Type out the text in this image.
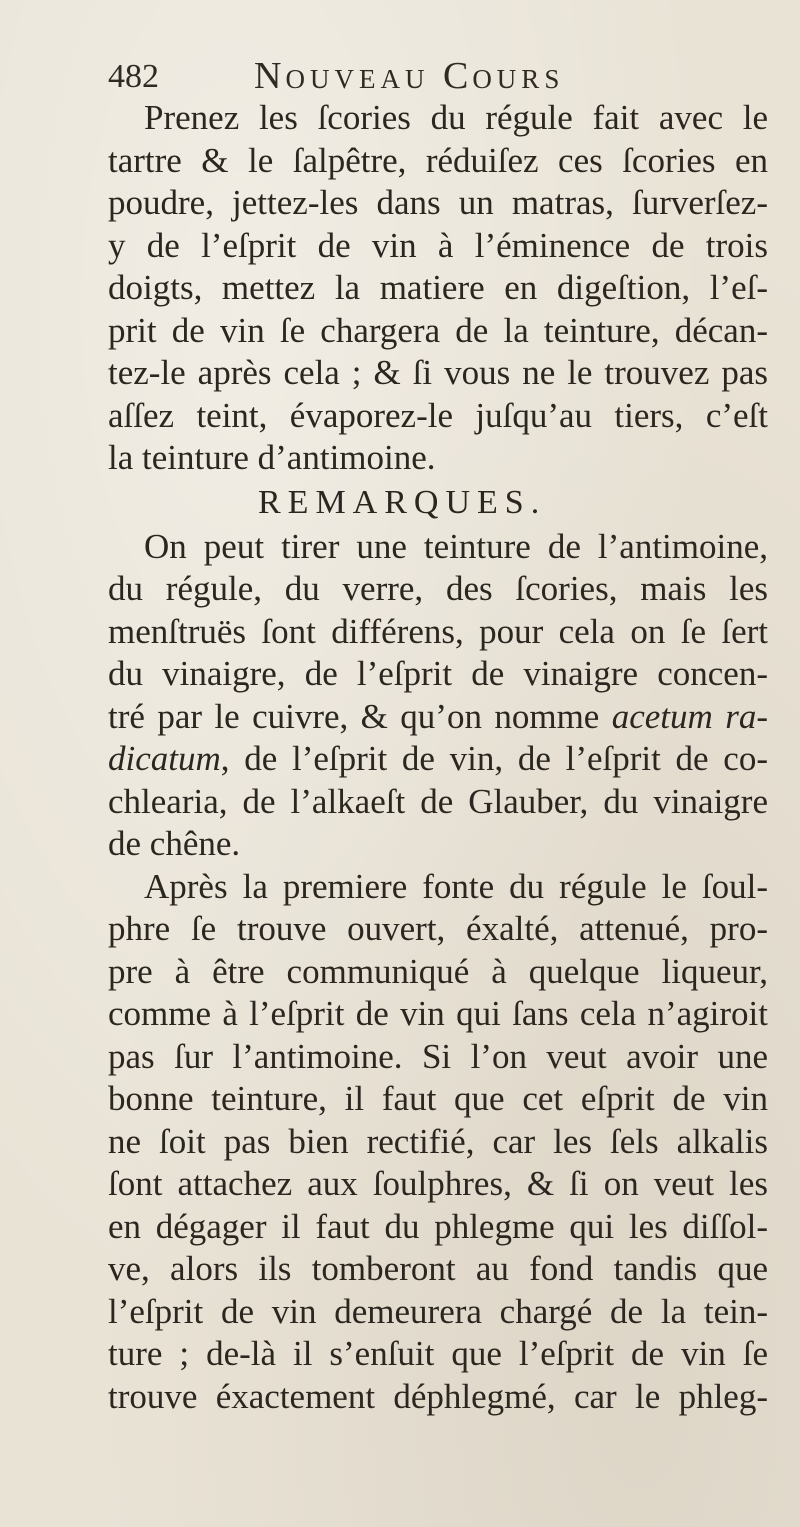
482	NOUVEAU COURS
Prenez les ſcories du régule fait avec le
tartre & le ſalpêtre, réduiſez ces ſcories en
poudre, jettez-les dans un matras, ſurverſez-
y de l’eſprit de vin à l’éminence de trois
doigts, mettez la matiere en digeſtion, l’eſ-
prit de vin ſe chargera de la teinture, décan-
tez-le après cela ; & ſi vous ne le trouvez pas
aſſez teint, évaporez-le juſqu’au tiers, c’eſt
la teinture d’antimoine.
REMARQUES.
On peut tirer une teinture de l’antimoine,
du régule, du verre, des ſcories, mais les
menſtruës ſont différens, pour cela on ſe ſert
du vinaigre, de l’eſprit de vinaigre concen-
tré par le cuivre, & qu’on nomme acetum ra-
dicatum, de l’eſprit de vin, de l’eſprit de co-
chlearia, de l’alkaeſt de Glauber, du vinaigre
de chêne.
Après la premiere fonte du régule le ſoul-
phre ſe trouve ouvert, éxalté, attenué, pro-
pre à être communiqué à quelque liqueur,
comme à l’eſprit de vin qui ſans cela n’agiroit
pas ſur l’antimoine. Si l’on veut avoir une
bonne teinture, il faut que cet eſprit de vin
ne ſoit pas bien rectifié, car les ſels alkalis
ſont attachez aux ſoulphres, & ſi on veut les
en dégager il faut du phlegme qui les diſſol-
ve, alors ils tomberont au fond tandis que
l’eſprit de vin demeurera chargé de la tein-
ture ; de-là il s’enſuit que l’eſprit de vin ſe
trouve éxactement déphlegmé, car le phleg-
